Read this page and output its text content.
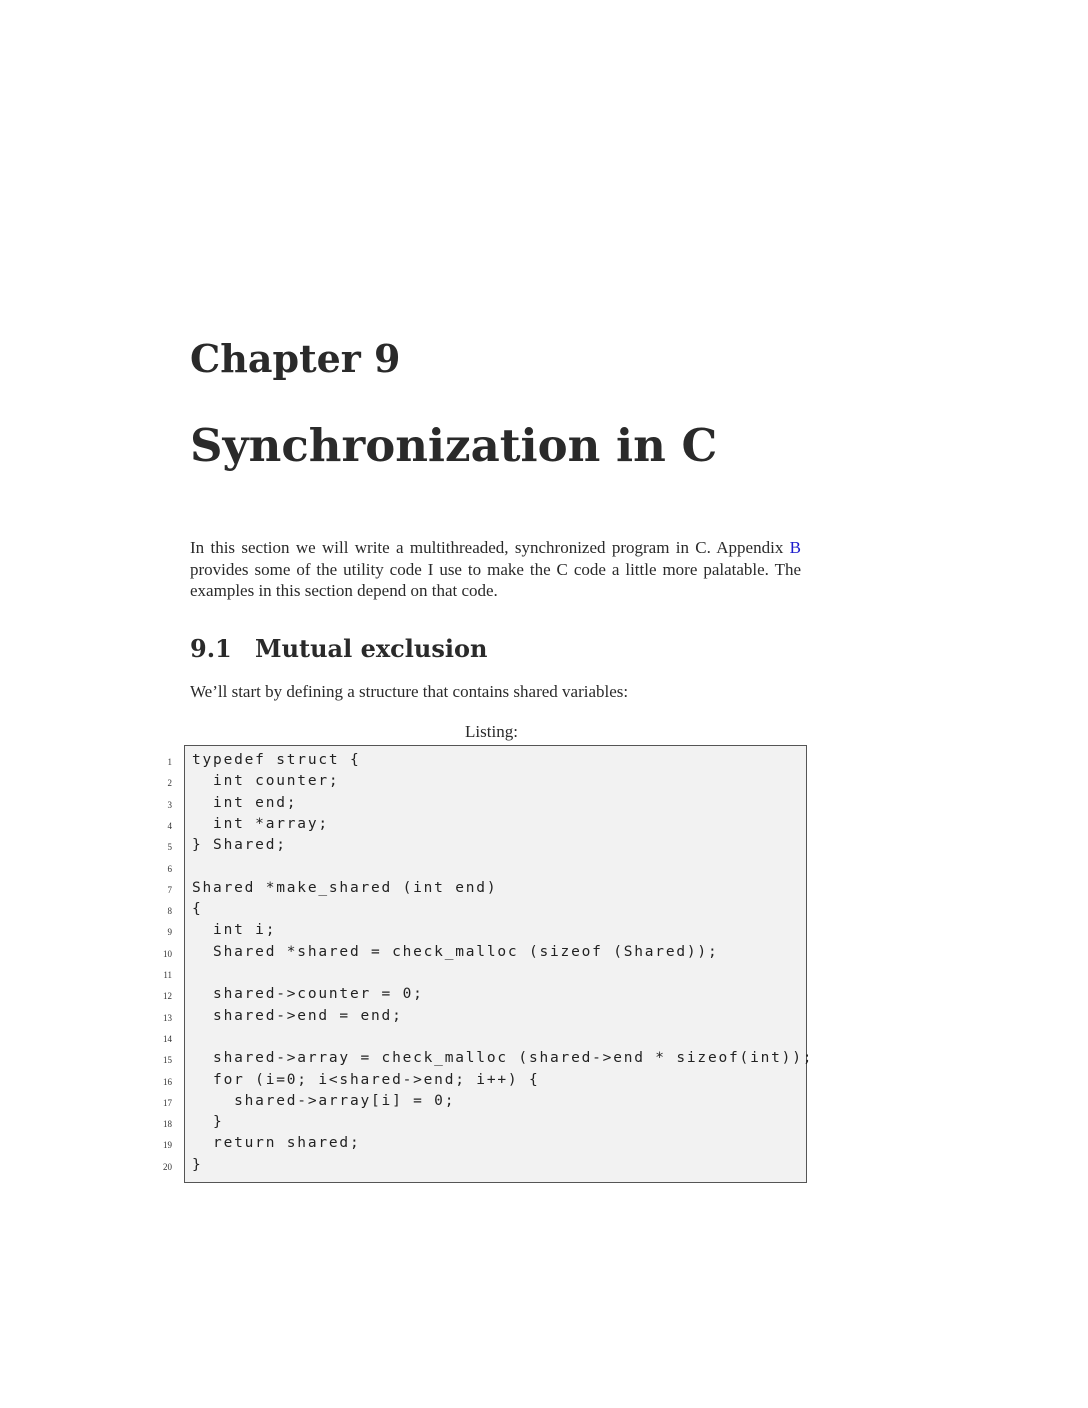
Chapter 9
Synchronization in C

In this section we will write a multithreaded, synchronized program in C. Appendix B provides some of the utility code I use to make the C code a little more palatable. The examples in this section depend on that code.

9.1 Mutual exclusion

We’ll start by defining a structure that contains shared variables:

Listing:
1 typedef struct {
2 int counter;
3 int end;
4 int *array;
5 } Shared;
6
7 Shared *make_shared (int end)
8 {
9 int i;
10 Shared *shared = check_malloc (sizeof (Shared));
11
12 shared->counter = 0;
13 shared->end = end;
14
15 shared->array = check_malloc (shared->end * sizeof(int));
16 for (i=0; i<shared->end; i++) {
17 shared->array[i] = 0;
18 }
19 return shared;
20 }
